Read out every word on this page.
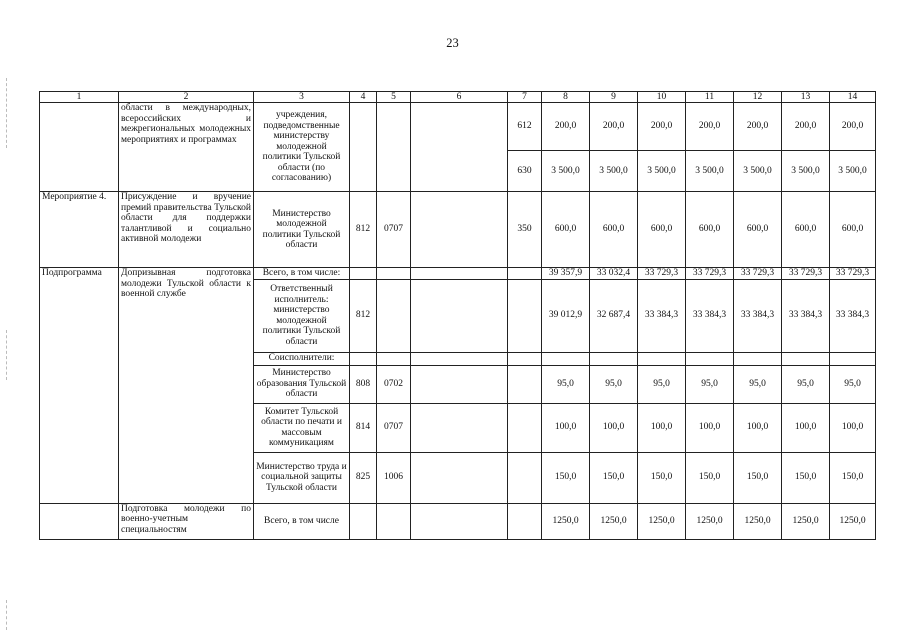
23
1	2	3	4	5	6	7	8	9	10	11	12	13	14
	области в международных, всероссийских и межрегиональных молодежных мероприятиях и программах	учреждения, подведомственные министерству молодежной политики Тульской области (по согласованию)				612	200,0	200,0	200,0	200,0	200,0	200,0	200,0
						630	3 500,0	3 500,0	3 500,0	3 500,0	3 500,0	3 500,0	3 500,0
Мероприятие 4.	Присуждение и вручение премий правительства Тульской области для поддержки талантливой и социально активной молодежи	Министерство молодежной политики Тульской области	812	0707		350	600,0	600,0	600,0	600,0	600,0	600,0	600,0
Подпрограмма	Допризывная подготовка молодежи Тульской области к военной службе	Всего, в том числе:					39 357,9	33 032,4	33 729,3	33 729,3	33 729,3	33 729,3	33 729,3
		Ответственный исполнитель: министерство молодежной политики Тульской области	812				39 012,9	32 687,4	33 384,3	33 384,3	33 384,3	33 384,3	33 384,3
		Соисполнители:											
		Министерство образования Тульской области	808	0702			95,0	95,0	95,0	95,0	95,0	95,0	95,0
		Комитет Тульской области по печати и массовым коммуникациям	814	0707			100,0	100,0	100,0	100,0	100,0	100,0	100,0
		Министерство труда и социальной защиты Тульской области	825	1006			150,0	150,0	150,0	150,0	150,0	150,0	150,0
	Подготовка молодежи по военно-учетным специальностям	Всего, в том числе					1250,0	1250,0	1250,0	1250,0	1250,0	1250,0	1250,0
